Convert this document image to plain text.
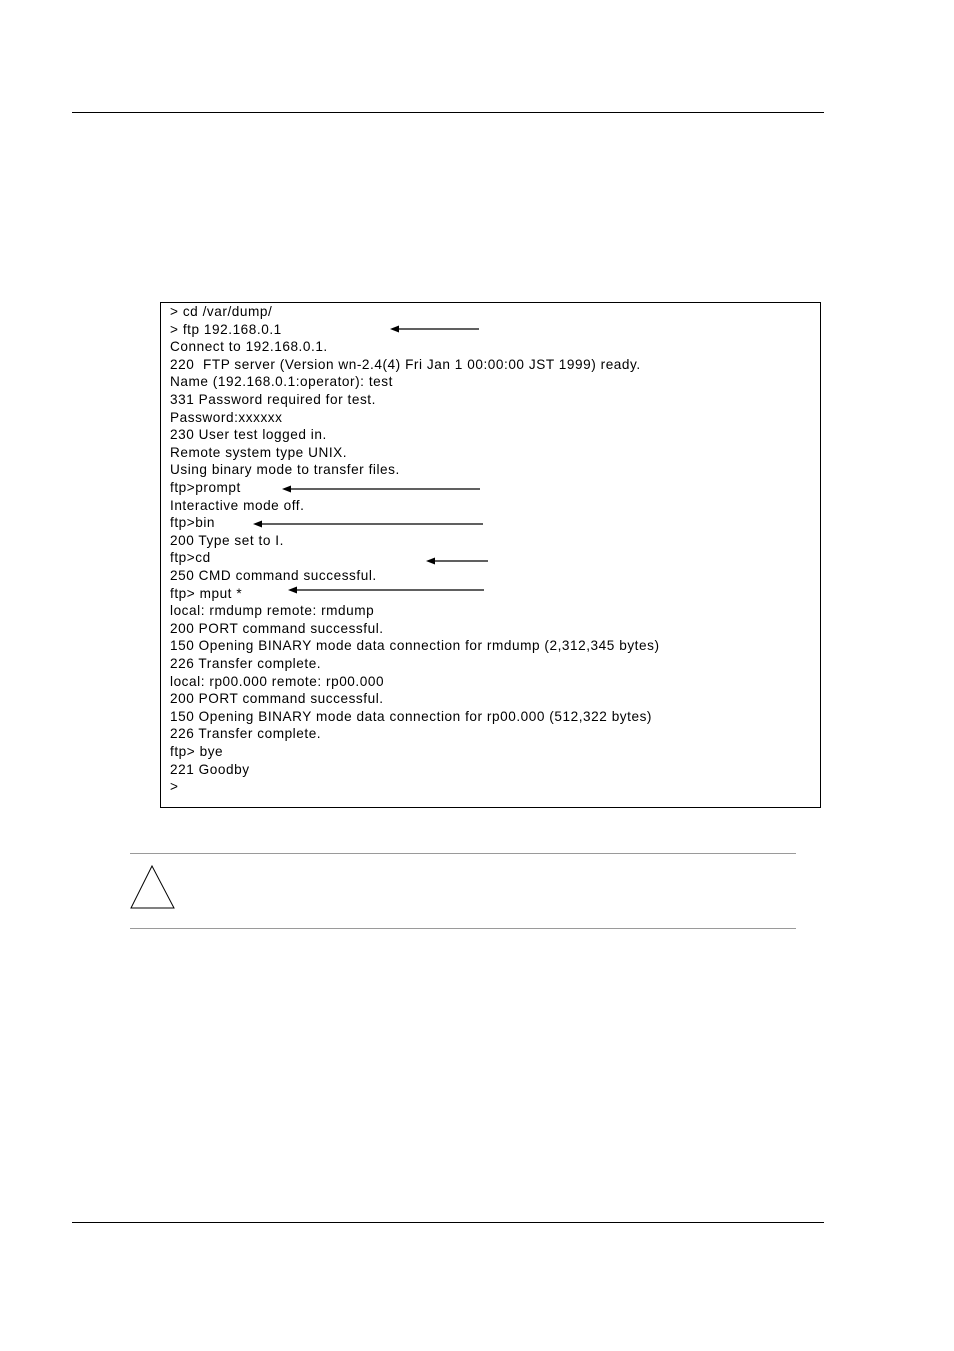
> cd /var/dump/
> ftp 192.168.0.1
Connect to 192.168.0.1.
220  FTP server (Version wn-2.4(4) Fri Jan 1 00:00:00 JST 1999) ready.
Name (192.168.0.1:operator): test
331 Password required for test.
Password:xxxxxx
230 User test logged in.
Remote system type UNIX.
Using binary mode to transfer files.
ftp>prompt
Interactive mode off.
ftp>bin
200 Type set to I.
ftp>cd
250 CMD command successful.
ftp> mput *
local: rmdump remote: rmdump
200 PORT command successful.
150 Opening BINARY mode data connection for rmdump (2,312,345 bytes)
226 Transfer complete.
local: rp00.000 remote: rp00.000
200 PORT command successful.
150 Opening BINARY mode data connection for rp00.000 (512,322 bytes)
226 Transfer complete.
ftp> bye
221 Goodby
>
